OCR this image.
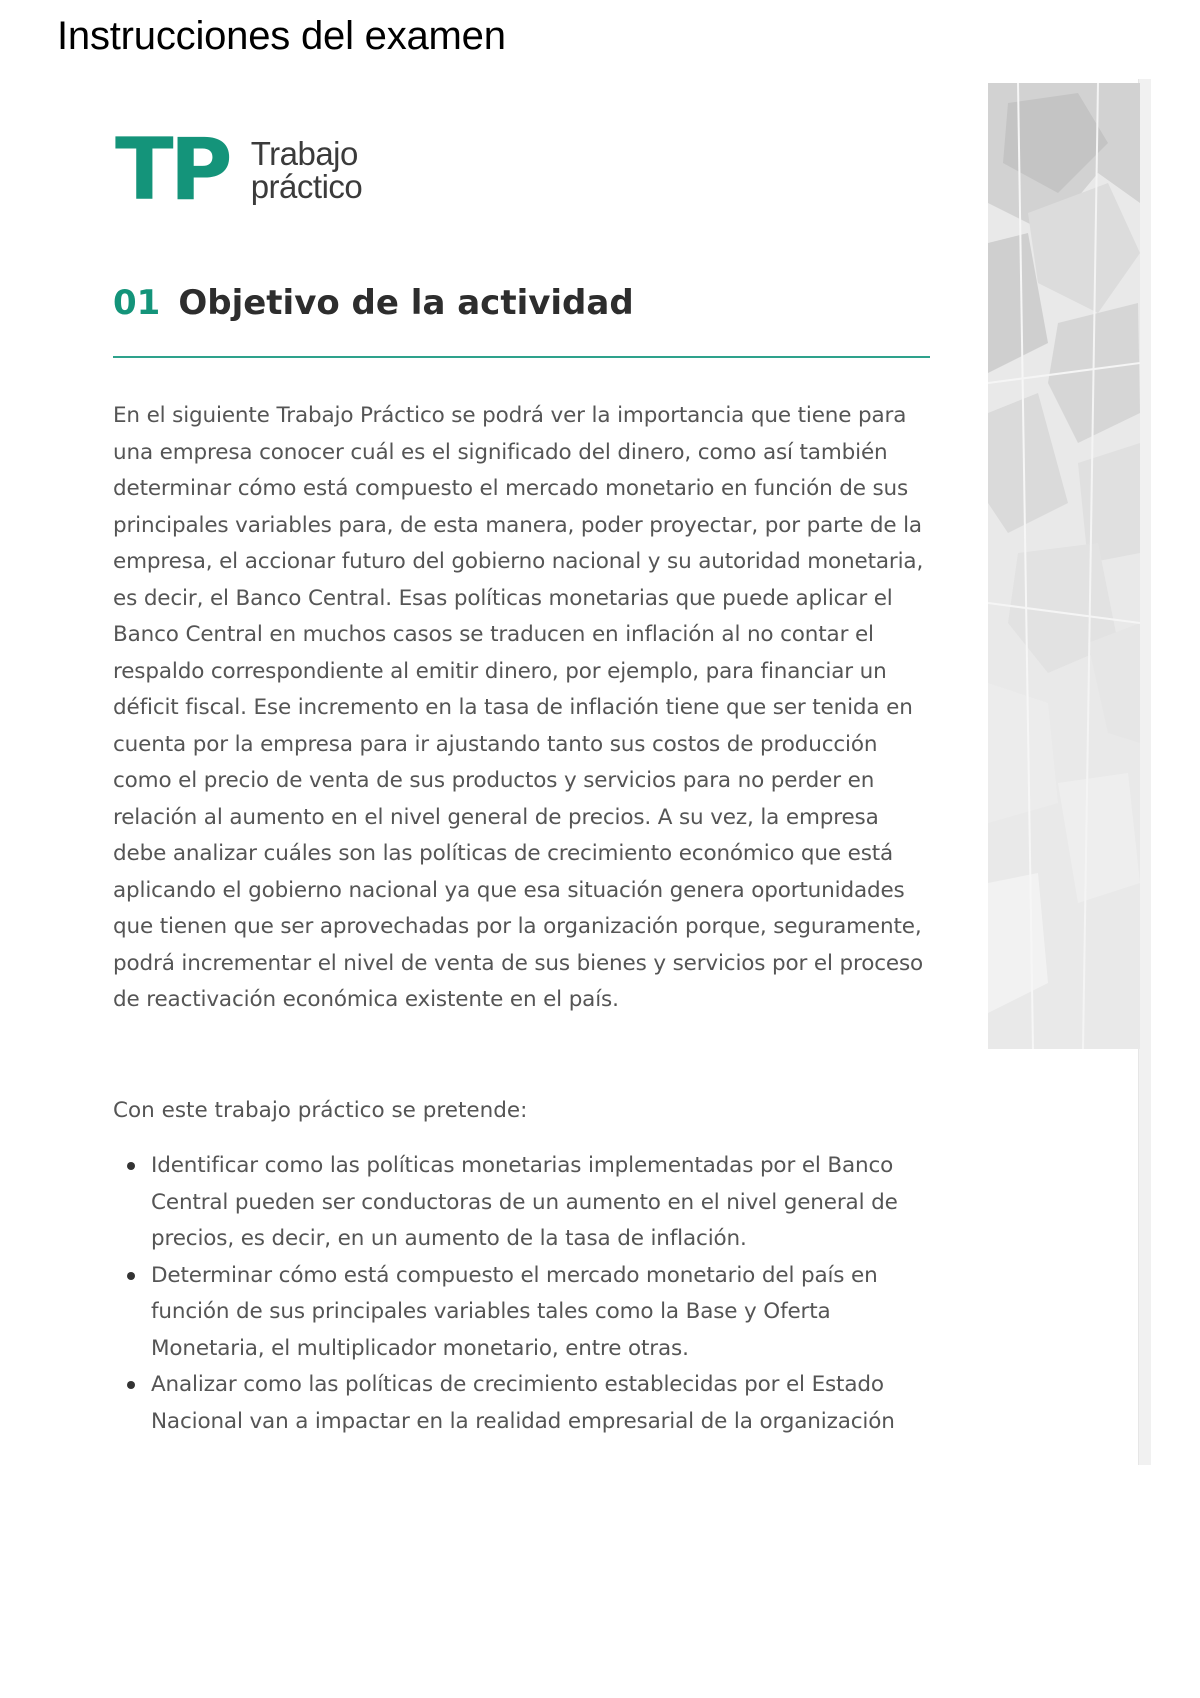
Instrucciones del examen
TP Trabajo
práctico
01 Objetivo de la actividad

En el siguiente Trabajo Práctico se podrá ver la importancia que tiene para una empresa conocer cuál es el significado del dinero, como así también determinar cómo está compuesto el mercado monetario en función de sus principales variables para, de esta manera, poder proyectar, por parte de la empresa, el accionar futuro del gobierno nacional y su autoridad monetaria, es decir, el Banco Central. Esas políticas monetarias que puede aplicar el Banco Central en muchos casos se traducen en inflación al no contar el respaldo correspondiente al emitir dinero, por ejemplo, para financiar un déficit fiscal. Ese incremento en la tasa de inflación tiene que ser tenida en cuenta por la empresa para ir ajustando tanto sus costos de producción como el precio de venta de sus productos y servicios para no perder en relación al aumento en el nivel general de precios. A su vez, la empresa debe analizar cuáles son las políticas de crecimiento económico que está aplicando el gobierno nacional ya que esa situación genera oportunidades que tienen que ser aprovechadas por la organización porque, seguramente, podrá incrementar el nivel de venta de sus bienes y servicios por el proceso de reactivación económica existente en el país.

Con este trabajo práctico se pretende:

Identificar como las políticas monetarias implementadas por el Banco Central pueden ser conductoras de un aumento en el nivel general de precios, es decir, en un aumento de la tasa de inflación.
Determinar cómo está compuesto el mercado monetario del país en función de sus principales variables tales como la Base y Oferta Monetaria, el multiplicador monetario, entre otras.
Analizar como las políticas de crecimiento establecidas por el Estado Nacional van a impactar en la realidad empresarial de la organización
